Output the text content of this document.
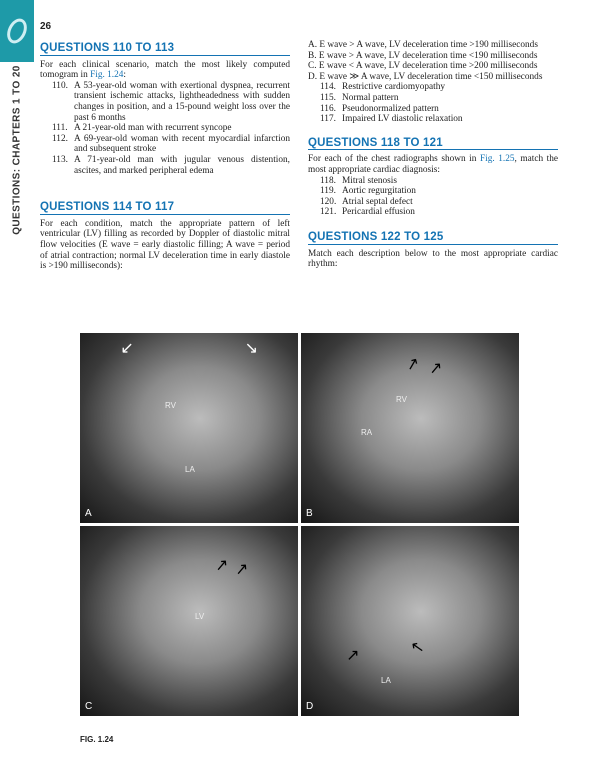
QUESTIONS: CHAPTERS 1 TO 20
26
QUESTIONS 110 TO 113
For each clinical scenario, match the most likely computed tomogram in Fig. 1.24:
110. A 53-year-old woman with exertional dyspnea, recurrent transient ischemic attacks, lightheadedness with sudden changes in position, and a 15-pound weight loss over the past 6 months
111. A 21-year-old man with recurrent syncope
112. A 69-year-old woman with recent myocardial infarction and subsequent stroke
113. A 71-year-old man with jugular venous distention, ascites, and marked peripheral edema
QUESTIONS 114 TO 117
For each condition, match the appropriate pattern of left ventricular (LV) filling as recorded by Doppler of diastolic mitral flow velocities (E wave = early diastolic filling; A wave = period of atrial contraction; normal LV deceleration time in early diastole is >190 milliseconds):
A. E wave > A wave, LV deceleration time >190 milliseconds
B. E wave > A wave, LV deceleration time <190 milliseconds
C. E wave < A wave, LV deceleration time >200 milliseconds
D. E wave ≫ A wave, LV deceleration time <150 milliseconds
114. Restrictive cardiomyopathy
115. Normal pattern
116. Pseudonormalized pattern
117. Impaired LV diastolic relaxation
QUESTIONS 118 TO 121
For each of the chest radiographs shown in Fig. 1.25, match the most appropriate cardiac diagnosis:
118. Mitral stenosis
119. Aortic regurgitation
120. Atrial septal defect
121. Pericardial effusion
QUESTIONS 122 TO 125
Match each description below to the most appropriate cardiac rhythm:
↓	↓
RV
LA
A
↑ ↑
RV
RA
B
↑
↑
LV
C
↑	↑
LA
D
FIG. 1.24
